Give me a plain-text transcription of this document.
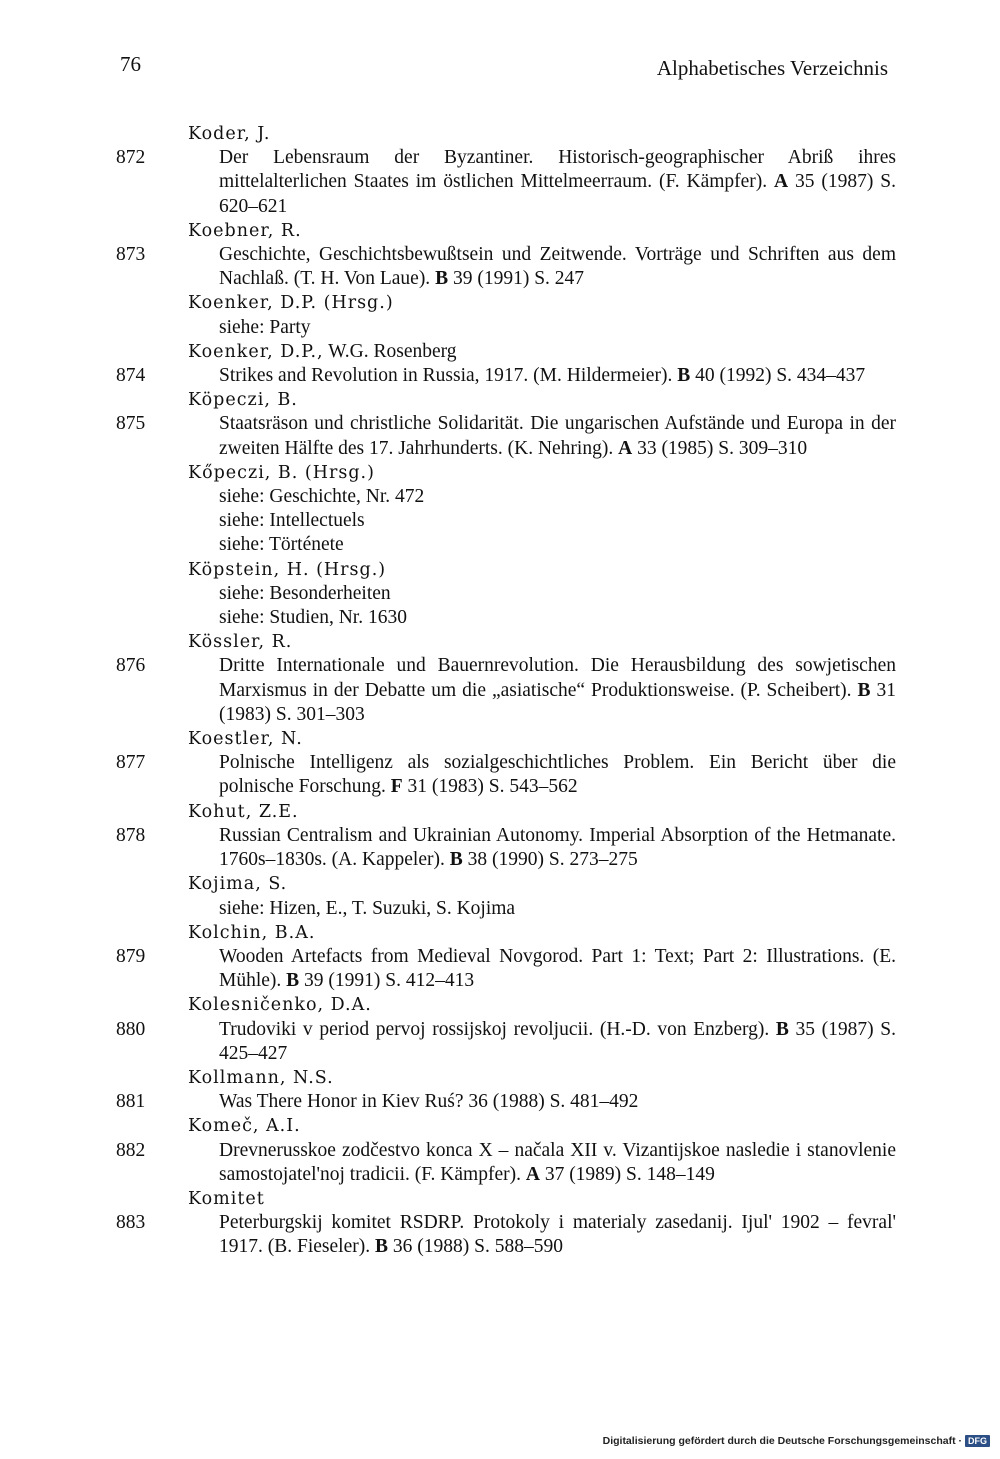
76	Alphabetisches Verzeichnis
Koder, J.
872	Der Lebensraum der Byzantiner. Historisch-geographischer Abriß ihres mittelalterlichen Staates im östlichen Mittelmeerraum. (F. Kämpfer). A 35 (1987) S. 620–621
Koebner, R.
873	Geschichte, Geschichtsbewußtsein und Zeitwende. Vorträge und Schriften aus dem Nachlaß. (T. H. Von Laue). B 39 (1991) S. 247
Koenker, D.P. (Hrsg.)
siehe: Party
Koenker, D.P., W.G. Rosenberg
874	Strikes and Revolution in Russia, 1917. (M. Hildermeier). B 40 (1992) S. 434–437
Köpeczi, B.
875	Staatsräson und christliche Solidarität. Die ungarischen Aufstände und Europa in der zweiten Hälfte des 17. Jahrhunderts. (K. Nehring). A 33 (1985) S. 309–310
Kőpeczi, B. (Hrsg.)
siehe: Geschichte, Nr. 472
siehe: Intellectuels
siehe: Története
Köpstein, H. (Hrsg.)
siehe: Besonderheiten
siehe: Studien, Nr. 1630
Kössler, R.
876	Dritte Internationale und Bauernrevolution. Die Herausbildung des sowjetischen Marxismus in der Debatte um die „asiatische“ Produktionsweise. (P. Scheibert). B 31 (1983) S. 301–303
Koestler, N.
877	Polnische Intelligenz als sozialgeschichtliches Problem. Ein Bericht über die polnische Forschung. F 31 (1983) S. 543–562
Kohut, Z.E.
878	Russian Centralism and Ukrainian Autonomy. Imperial Absorption of the Hetmanate. 1760s–1830s. (A. Kappeler). B 38 (1990) S. 273–275
Kojima, S.
siehe: Hizen, E., T. Suzuki, S. Kojima
Kolchin, B.A.
879	Wooden Artefacts from Medieval Novgorod. Part 1: Text; Part 2: Illustrations. (E. Mühle). B 39 (1991) S. 412–413
Kolesničenko, D.A.
880	Trudoviki v period pervoj rossijskoj revoljucii. (H.-D. von Enzberg). B 35 (1987) S. 425–427
Kollmann, N.S.
881	Was There Honor in Kiev Ruś? 36 (1988) S. 481–492
Komeč, A.I.
882	Drevnerusskoe zodčestvo konca X – načala XII v. Vizantijskoe nasledie i stanovlenie samostojatel'noj tradicii. (F. Kämpfer). A 37 (1989) S. 148–149
Komitet
883	Peterburgskij komitet RSDRP. Protokoly i materialy zasedanij. Ijul' 1902 – fevral' 1917. (B. Fieseler). B 36 (1988) S. 588–590
Digitalisierung gefördert durch die Deutsche Forschungsgemeinschaft · DFG
